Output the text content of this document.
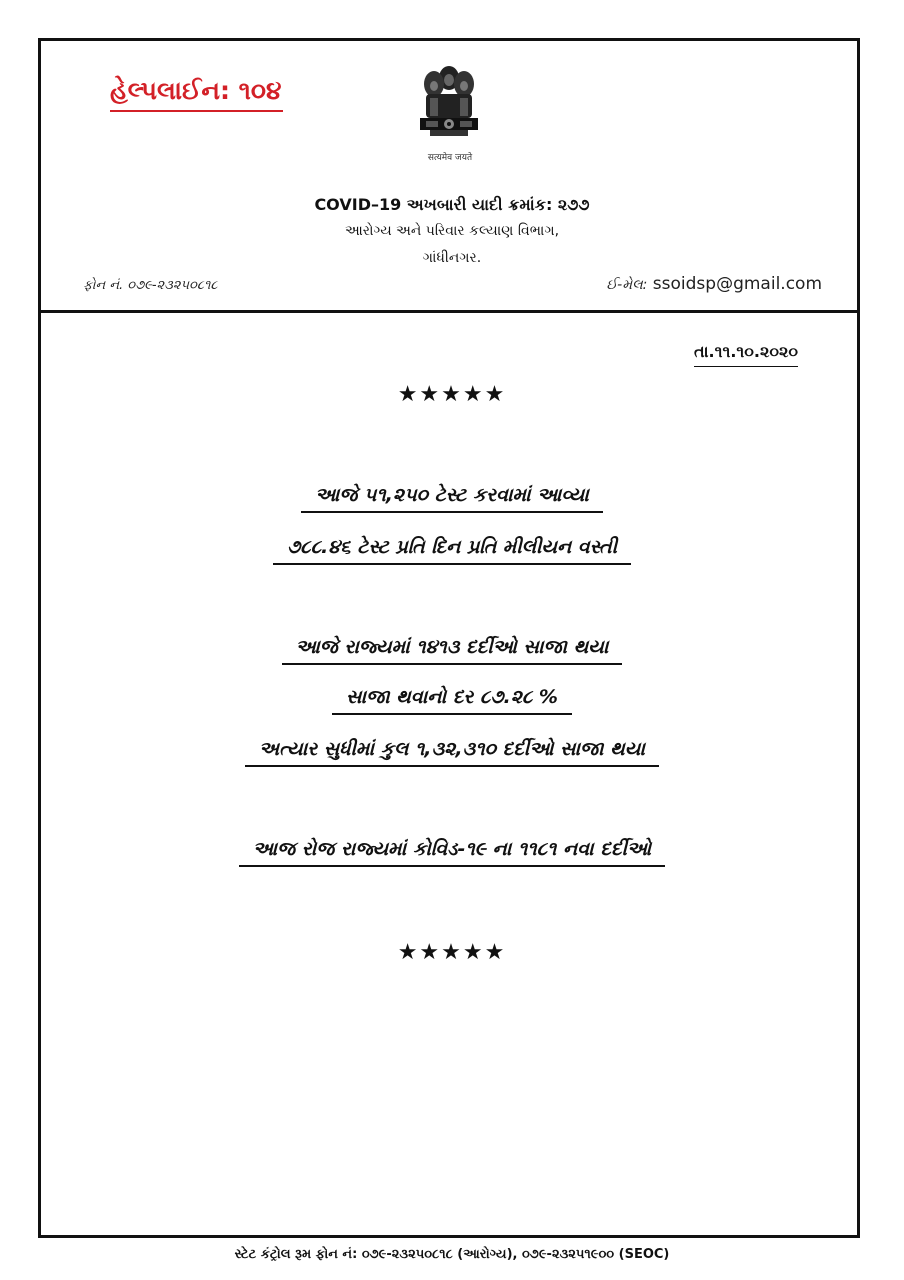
હેલ્પલાઈન: ૧૦૪
सत्यमेव जयते
COVID–19 અખબારી યાદી ક્રમાંક: ૨૭૭
આરોગ્ય અને પરિવાર કલ્યાણ વિભાગ,
ગાંધીનગર.
ફોન નં. ૦૭૯-૨૩૨૫૦૮૧૮	ઈ-મેલ: ssoidsp@gmail.com
તા.૧૧.૧૦.૨૦૨૦
★★★★★
આજે ૫૧,૨૫૦ ટેસ્ટ કરવામાં આવ્યા
૭૮૮.૪૬ ટેસ્ટ પ્રતિ દિન પ્રતિ મીલીયન વસ્તી
આજે રાજ્યમાં ૧૪૧૩ દર્દીઓ સાજા થયા
સાજા થવાનો દર ૮૭.૨૮ %
અત્યાર સુધીમાં કુલ ૧,૩૨,૩૧૦ દર્દીઓ સાજા થયા
આજ રોજ રાજ્યમાં કોવિડ-૧૯ ના ૧૧૮૧ નવા દર્દીઓ
★★★★★
સ્ટેટ કંટ્રોલ રૂમ ફોન નં: ૦૭૯-૨૩૨૫૦૮૧૮ (આરોગ્ય), ૦૭૯-૨૩૨૫૧૯૦૦ (SEOC)
